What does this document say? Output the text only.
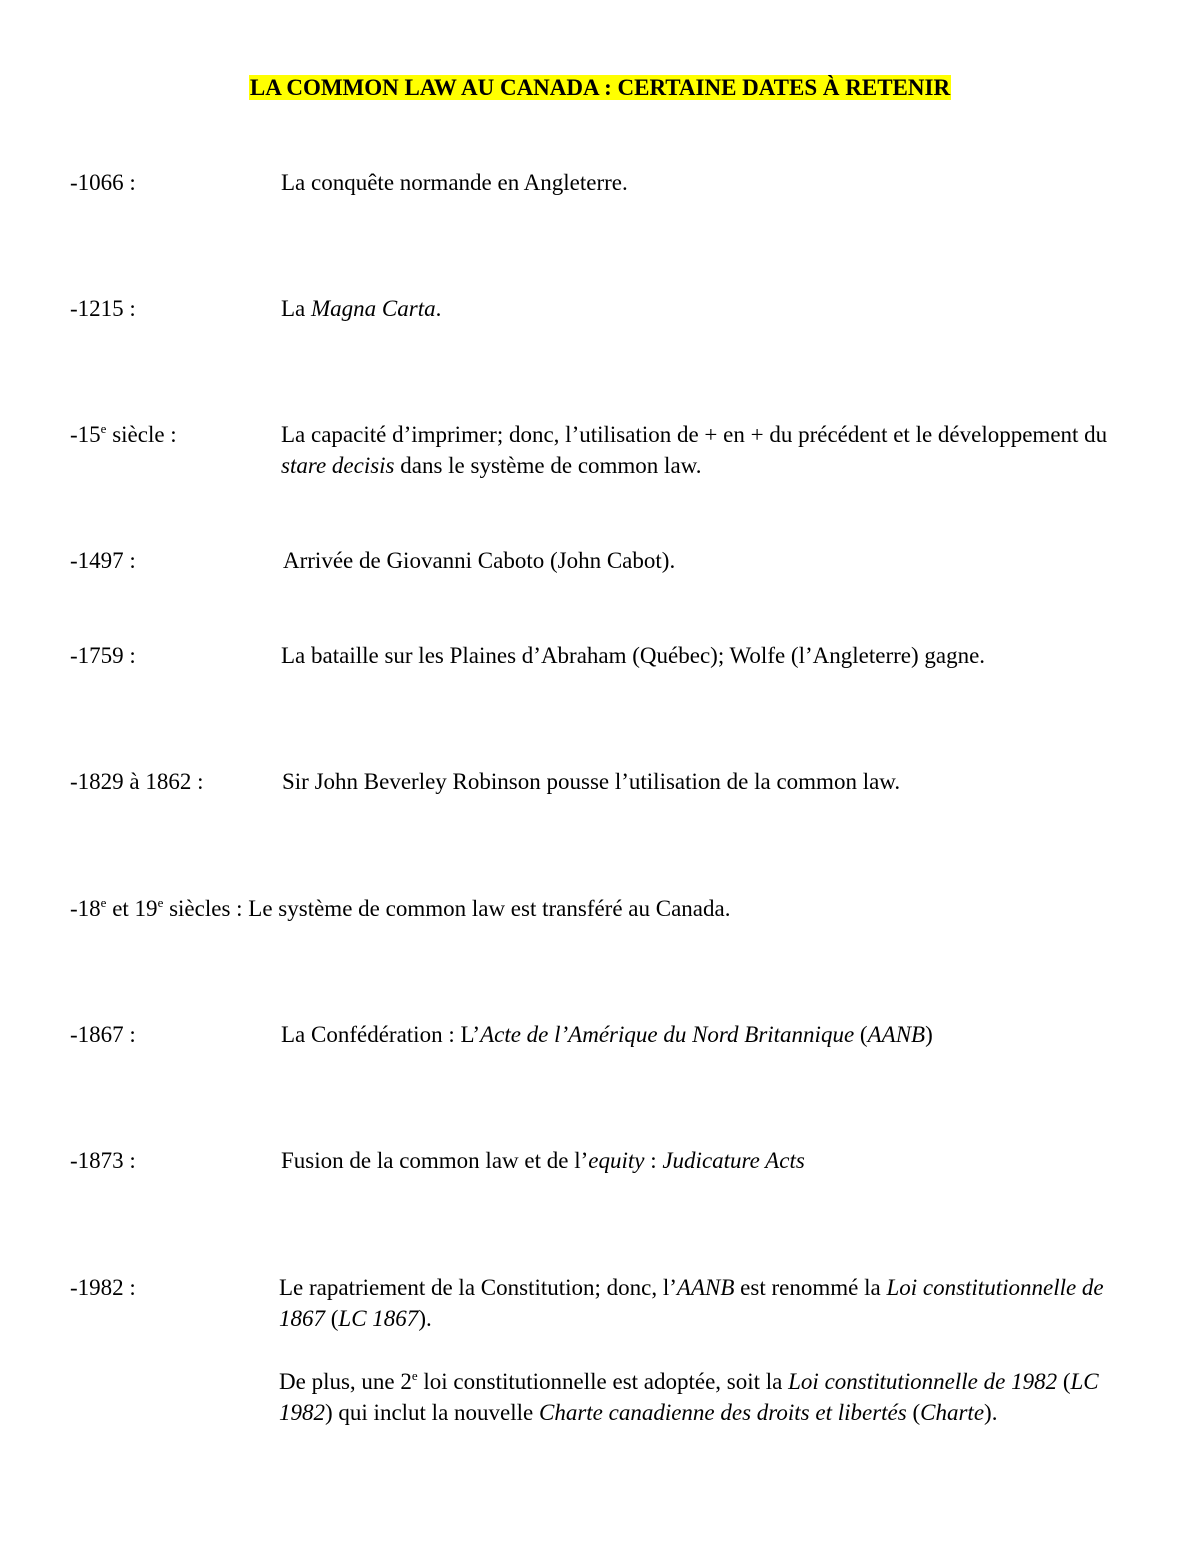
LA COMMON LAW AU CANADA : CERTAINE DATES À RETENIR
-1066 :	La conquête normande en Angleterre.

-1215 :	La Magna Carta.

-15e siècle :	La capacité d’imprimer; donc, l’utilisation de + en + du précédent et le développement du stare decisis dans le système de common law.

-1497 :	Arrivée de Giovanni Caboto (John Cabot).

-1759 :	La bataille sur les Plaines d’Abraham (Québec); Wolfe (l’Angleterre) gagne.

-1829 à 1862 :	Sir John Beverley Robinson pousse l’utilisation de la common law.

-18e et 19e siècles : Le système de common law est transféré au Canada.
-1867 :	La Confédération : L’Acte de l’Amérique du Nord Britannique (AANB)

-1873 :	Fusion de la common law et de l’equity : Judicature Acts

-1982 :	Le rapatriement de la Constitution; donc, l’AANB est renommé la Loi constitutionnelle de 1867 (LC 1867).

De plus, une 2e loi constitutionnelle est adoptée, soit la Loi constitutionnelle de 1982 (LC 1982) qui inclut la nouvelle Charte canadienne des droits et libertés (Charte).
